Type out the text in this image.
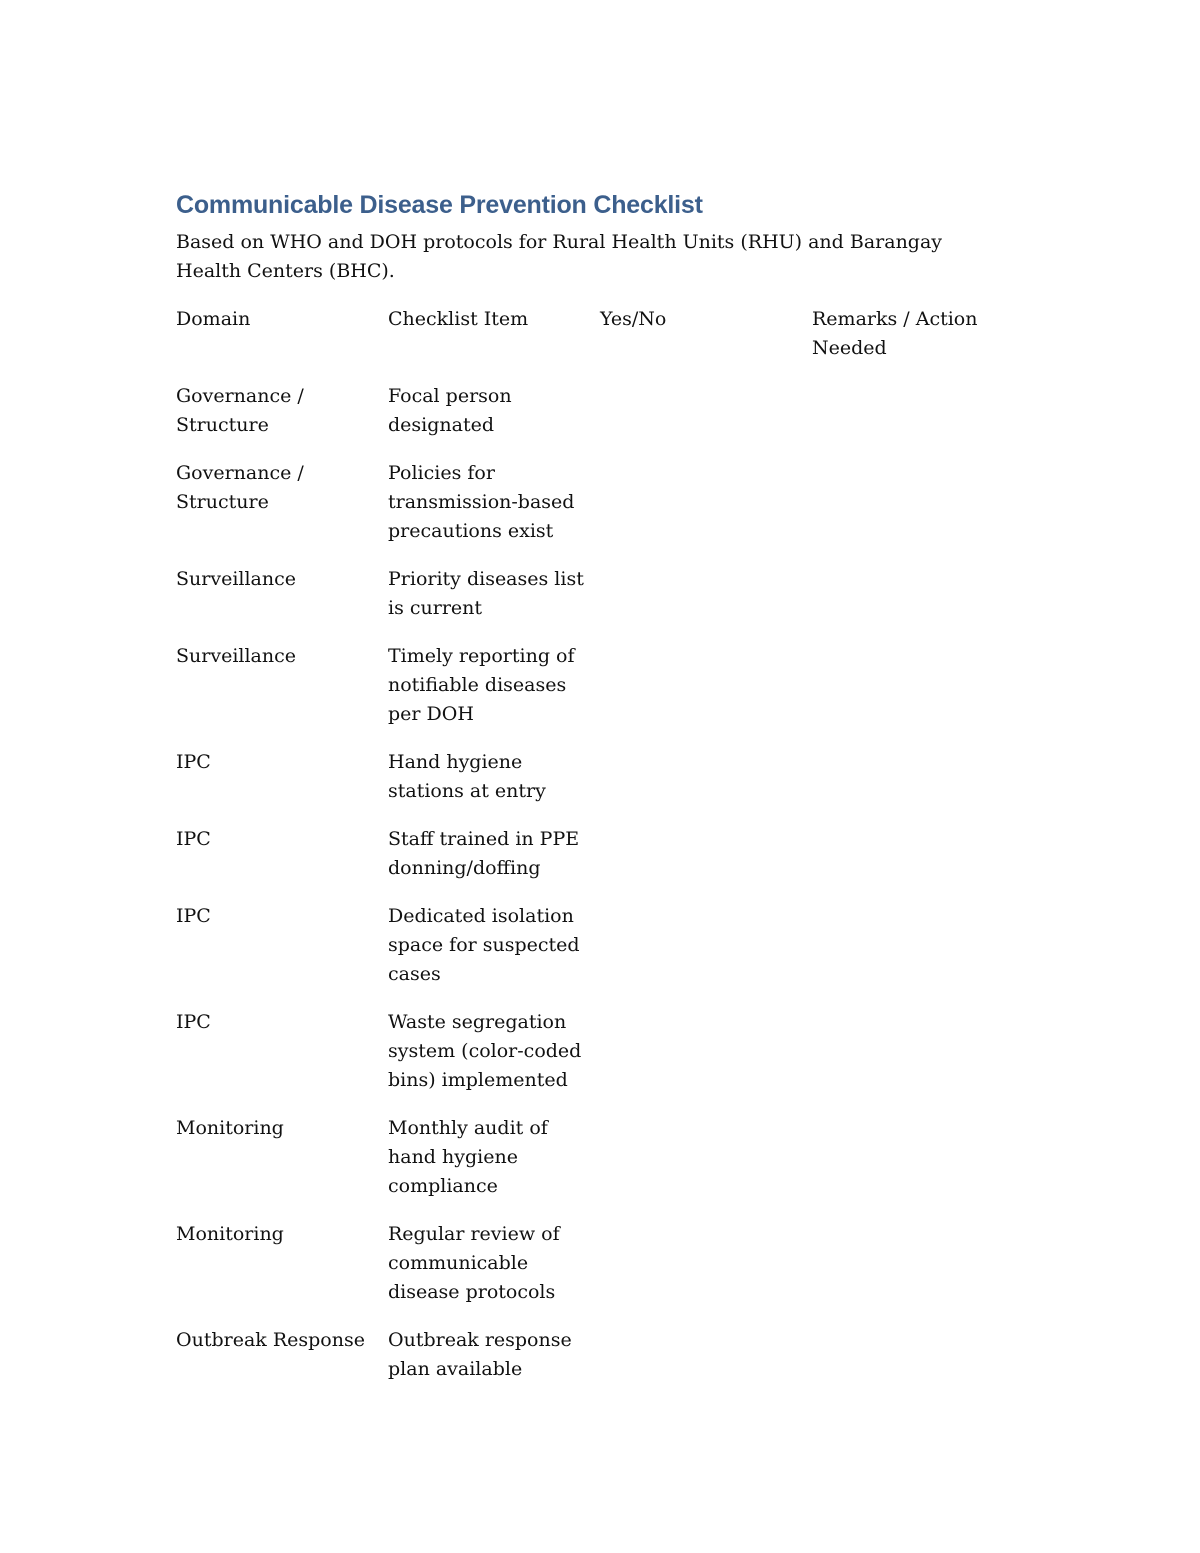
Communicable Disease Prevention Checklist

Based on WHO and DOH protocols for Rural Health Units (RHU) and Barangay Health Centers (BHC).

Domain	Checklist Item	Yes/No	Remarks / Action Needed
Governance / Structure	Focal person designated		
Governance / Structure	Policies for transmission-based precautions exist		
Surveillance	Priority diseases list is current		
Surveillance	Timely reporting of notifiable diseases per DOH		
IPC	Hand hygiene stations at entry		
IPC	Staff trained in PPE donning/doffing		
IPC	Dedicated isolation space for suspected cases		
IPC	Waste segregation system (color-coded bins) implemented		
Monitoring	Monthly audit of hand hygiene compliance		
Monitoring	Regular review of communicable disease protocols		
Outbreak Response	Outbreak response plan available		
